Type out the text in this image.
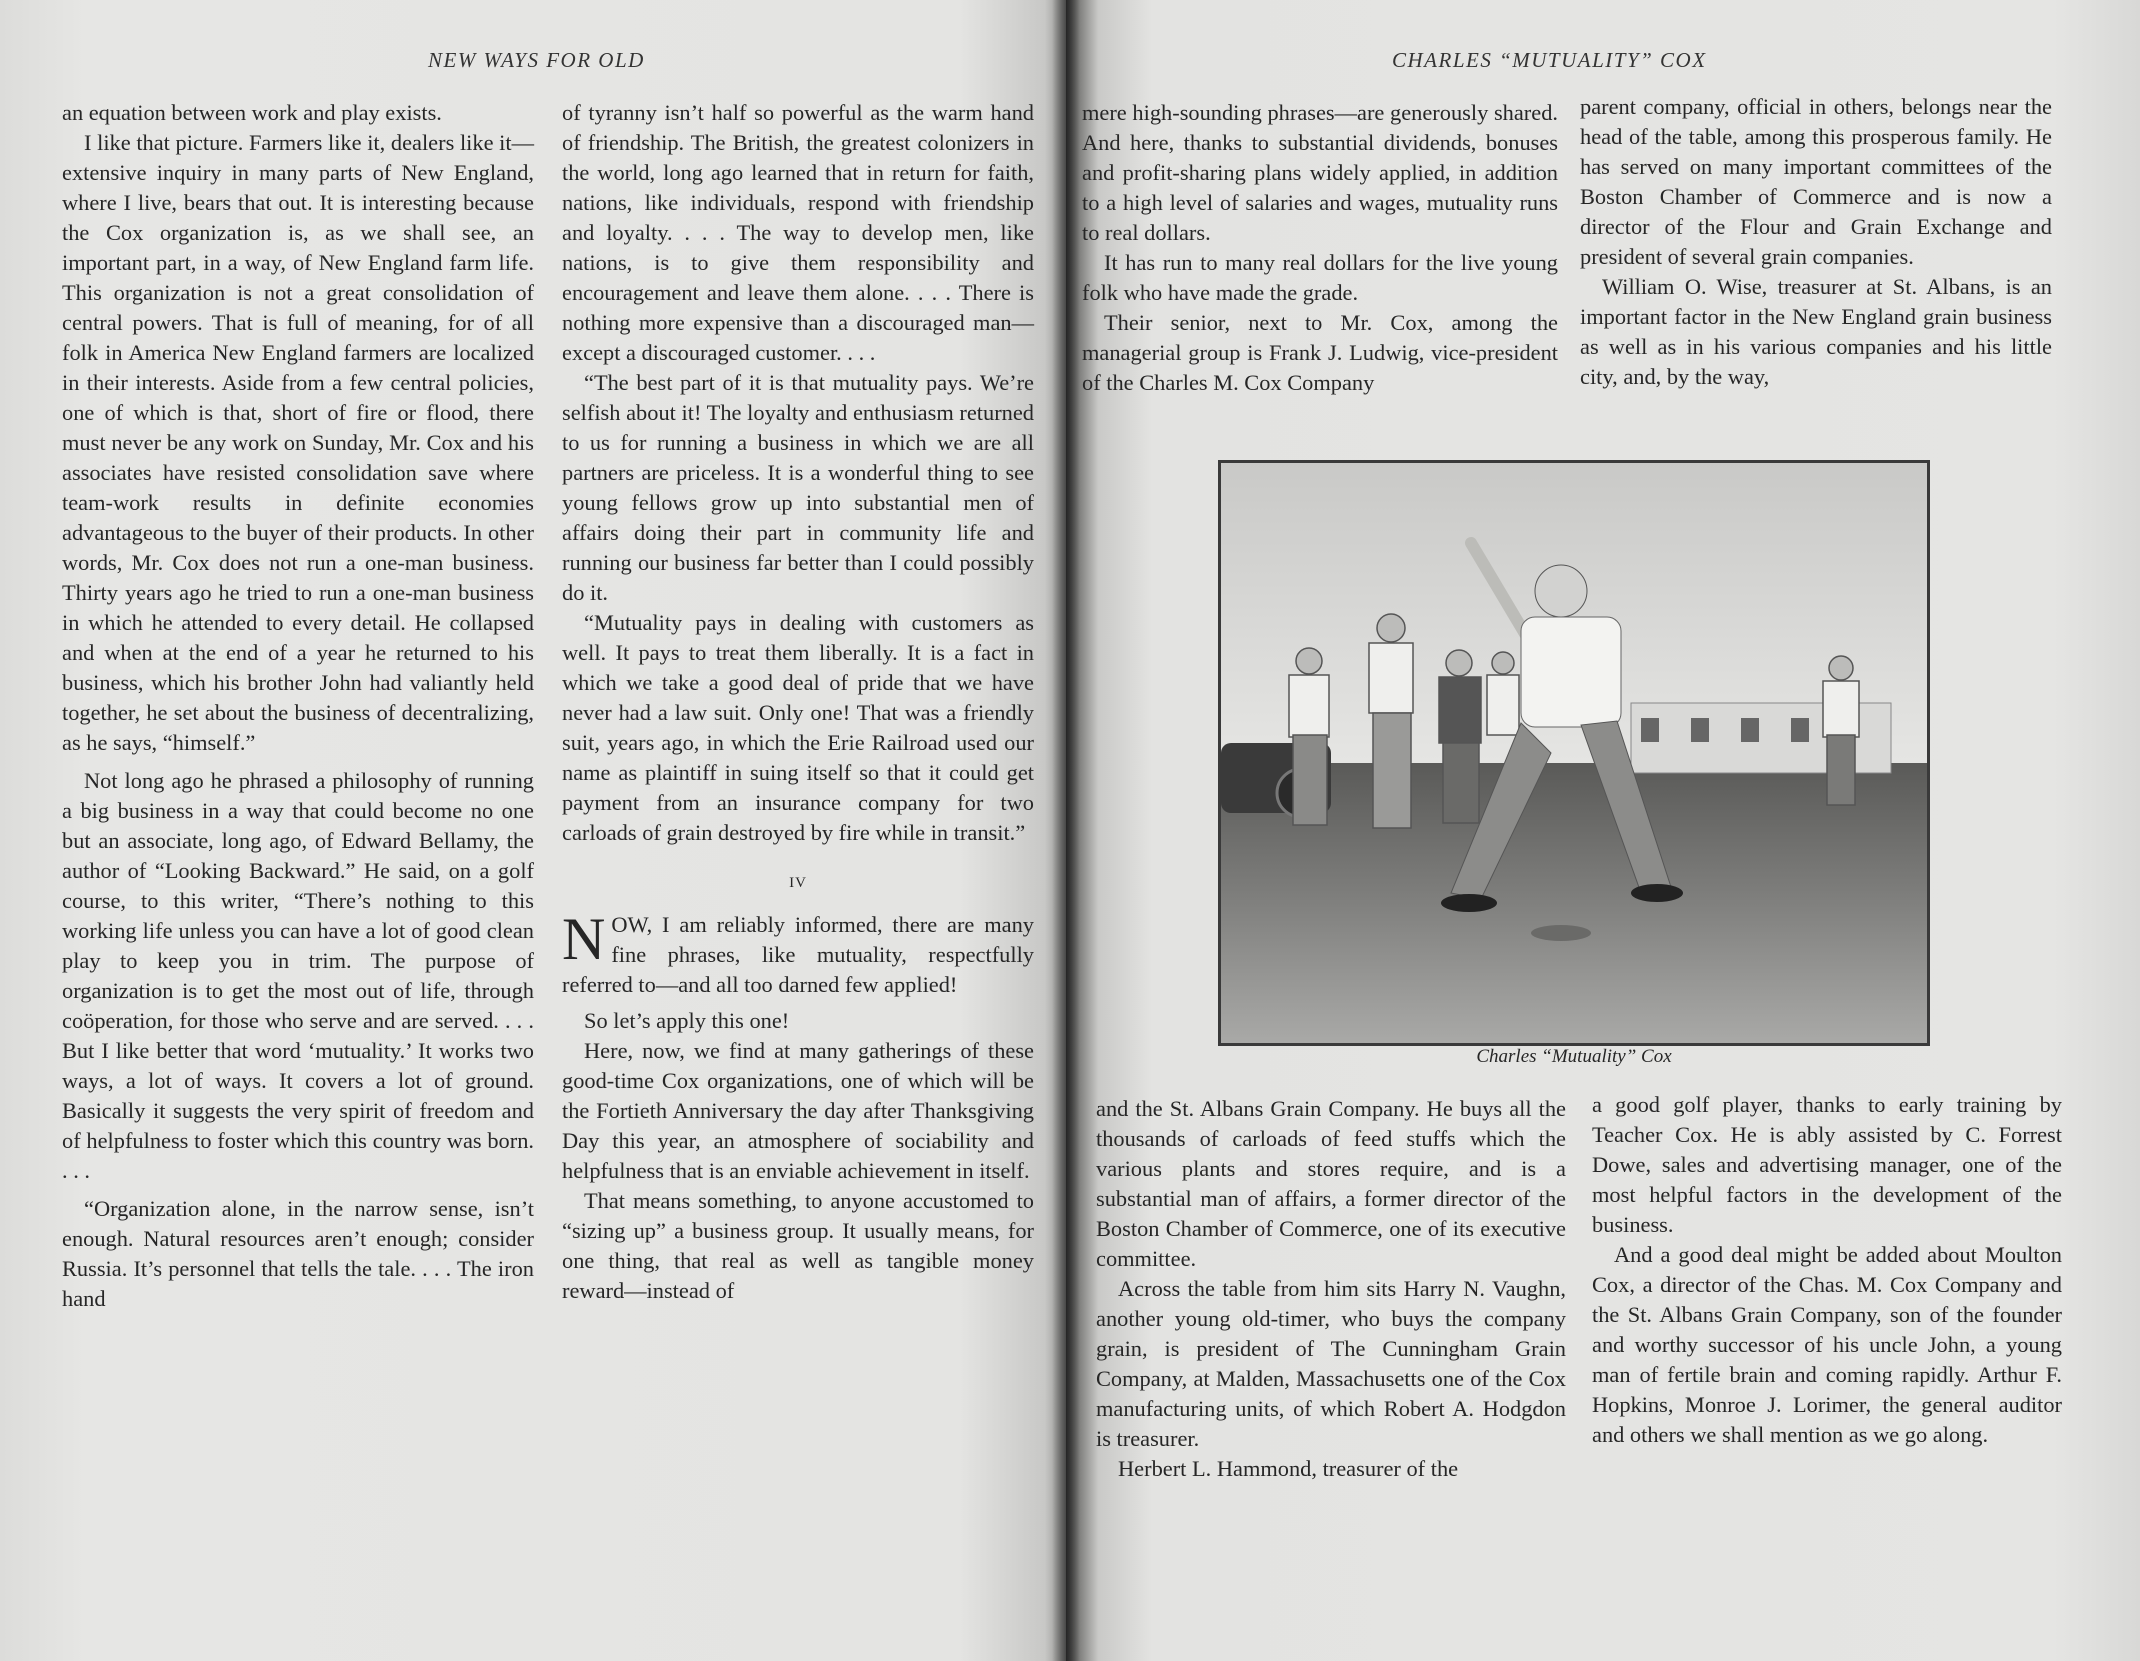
NEW WAYS FOR OLD

an equation between work and play exists.

I like that picture. Farmers like it, dealers like it—extensive inquiry in many parts of New England, where I live, bears that out. It is interesting because the Cox organization is, as we shall see, an important part, in a way, of New England farm life. This organization is not a great consolidation of central powers. That is full of meaning, for of all folk in America New England farmers are localized in their interests. Aside from a few central policies, one of which is that, short of fire or flood, there must never be any work on Sunday, Mr. Cox and his associates have resisted consolidation save where team-work results in definite economies advantageous to the buyer of their products. In other words, Mr. Cox does not run a one-man business. Thirty years ago he tried to run a one-man business in which he attended to every detail. He collapsed and when at the end of a year he returned to his business, which his brother John had valiantly held together, he set about the business of decentralizing, as he says, “himself.”

Not long ago he phrased a philosophy of running a big business in a way that could become no one but an associate, long ago, of Edward Bellamy, the author of “Looking Backward.” He said, on a golf course, to this writer, “There’s nothing to this working life unless you can have a lot of good clean play to keep you in trim. The purpose of organization is to get the most out of life, through coöperation, for those who serve and are served. . . . But I like better that word ‘mutuality.’ It works two ways, a lot of ways. It covers a lot of ground. Basically it suggests the very spirit of freedom and of helpfulness to foster which this country was born. . . .

“Organization alone, in the narrow sense, isn’t enough. Natural resources aren’t enough; consider Russia. It’s personnel that tells the tale. . . . The iron hand

of tyranny isn’t half so powerful as the warm hand of friendship. The British, the greatest colonizers in the world, long ago learned that in return for faith, nations, like individuals, respond with friendship and loyalty. . . . The way to develop men, like nations, is to give them responsibility and encouragement and leave them alone. . . . There is nothing more expensive than a discouraged man—except a discouraged customer. . . .

“The best part of it is that mutuality pays. We’re selfish about it! The loyalty and enthusiasm returned to us for running a business in which we are all partners are priceless. It is a wonderful thing to see young fellows grow up into substantial men of affairs doing their part in community life and running our business far better than I could possibly do it.

“Mutuality pays in dealing with customers as well. It pays to treat them liberally. It is a fact in which we take a good deal of pride that we have never had a law suit. Only one! That was a friendly suit, years ago, in which the Erie Railroad used our name as plaintiff in suing itself so that it could get payment from an insurance company for two carloads of grain destroyed by fire while in transit.”

IV

NOW, I am reliably informed, there are many fine phrases, like mutuality, respectfully referred to—and all too darned few applied!

So let’s apply this one!

Here, now, we find at many gatherings of these good-time Cox organizations, one of which will be the Fortieth Anniversary the day after Thanksgiving Day this year, an atmosphere of sociability and helpfulness that is an enviable achievement in itself.

That means something, to anyone accustomed to “sizing up” a business group. It usually means, for one thing, that real as well as tangible money reward—instead of

CHARLES “MUTUALITY” COX

mere high-sounding phrases—are generously shared. And here, thanks to substantial dividends, bonuses and profit-sharing plans widely applied, in addition to a high level of salaries and wages, mutuality runs to real dollars.

It has run to many real dollars for the live young folk who have made the grade.

Their senior, next to Mr. Cox, among the managerial group is Frank J. Ludwig, vice-president of the Charles M. Cox Company

parent company, official in others, belongs near the head of the table, among this prosperous family. He has served on many important committees of the Boston Chamber of Commerce and is now a director of the Flour and Grain Exchange and president of several grain companies.

William O. Wise, treasurer at St. Albans, is an important factor in the New England grain business as well as in his various companies and his little city, and, by the way,

and the St. Albans Grain Company. He buys all the thousands of carloads of feed stuffs which the various plants and stores require, and is a substantial man of affairs, a former director of the Boston Chamber of Commerce, one of its executive committee.

Across the table from him sits Harry N. Vaughn, another young old-timer, who buys the company grain, is president of The Cunningham Grain Company, at Malden, Massachusetts one of the Cox manufacturing units, of which Robert A. Hodgdon is treasurer.

Herbert L. Hammond, treasurer of the

a good golf player, thanks to early training by Teacher Cox. He is ably assisted by C. Forrest Dowe, sales and advertising manager, one of the most helpful factors in the development of the business.

And a good deal might be added about Moulton Cox, a director of the Chas. M. Cox Company and the St. Albans Grain Company, son of the founder and worthy successor of his uncle John, a young man of fertile brain and coming rapidly. Arthur F. Hopkins, Monroe J. Lorimer, the general auditor and others we shall mention as we go along.

Charles “Mutuality” Cox
